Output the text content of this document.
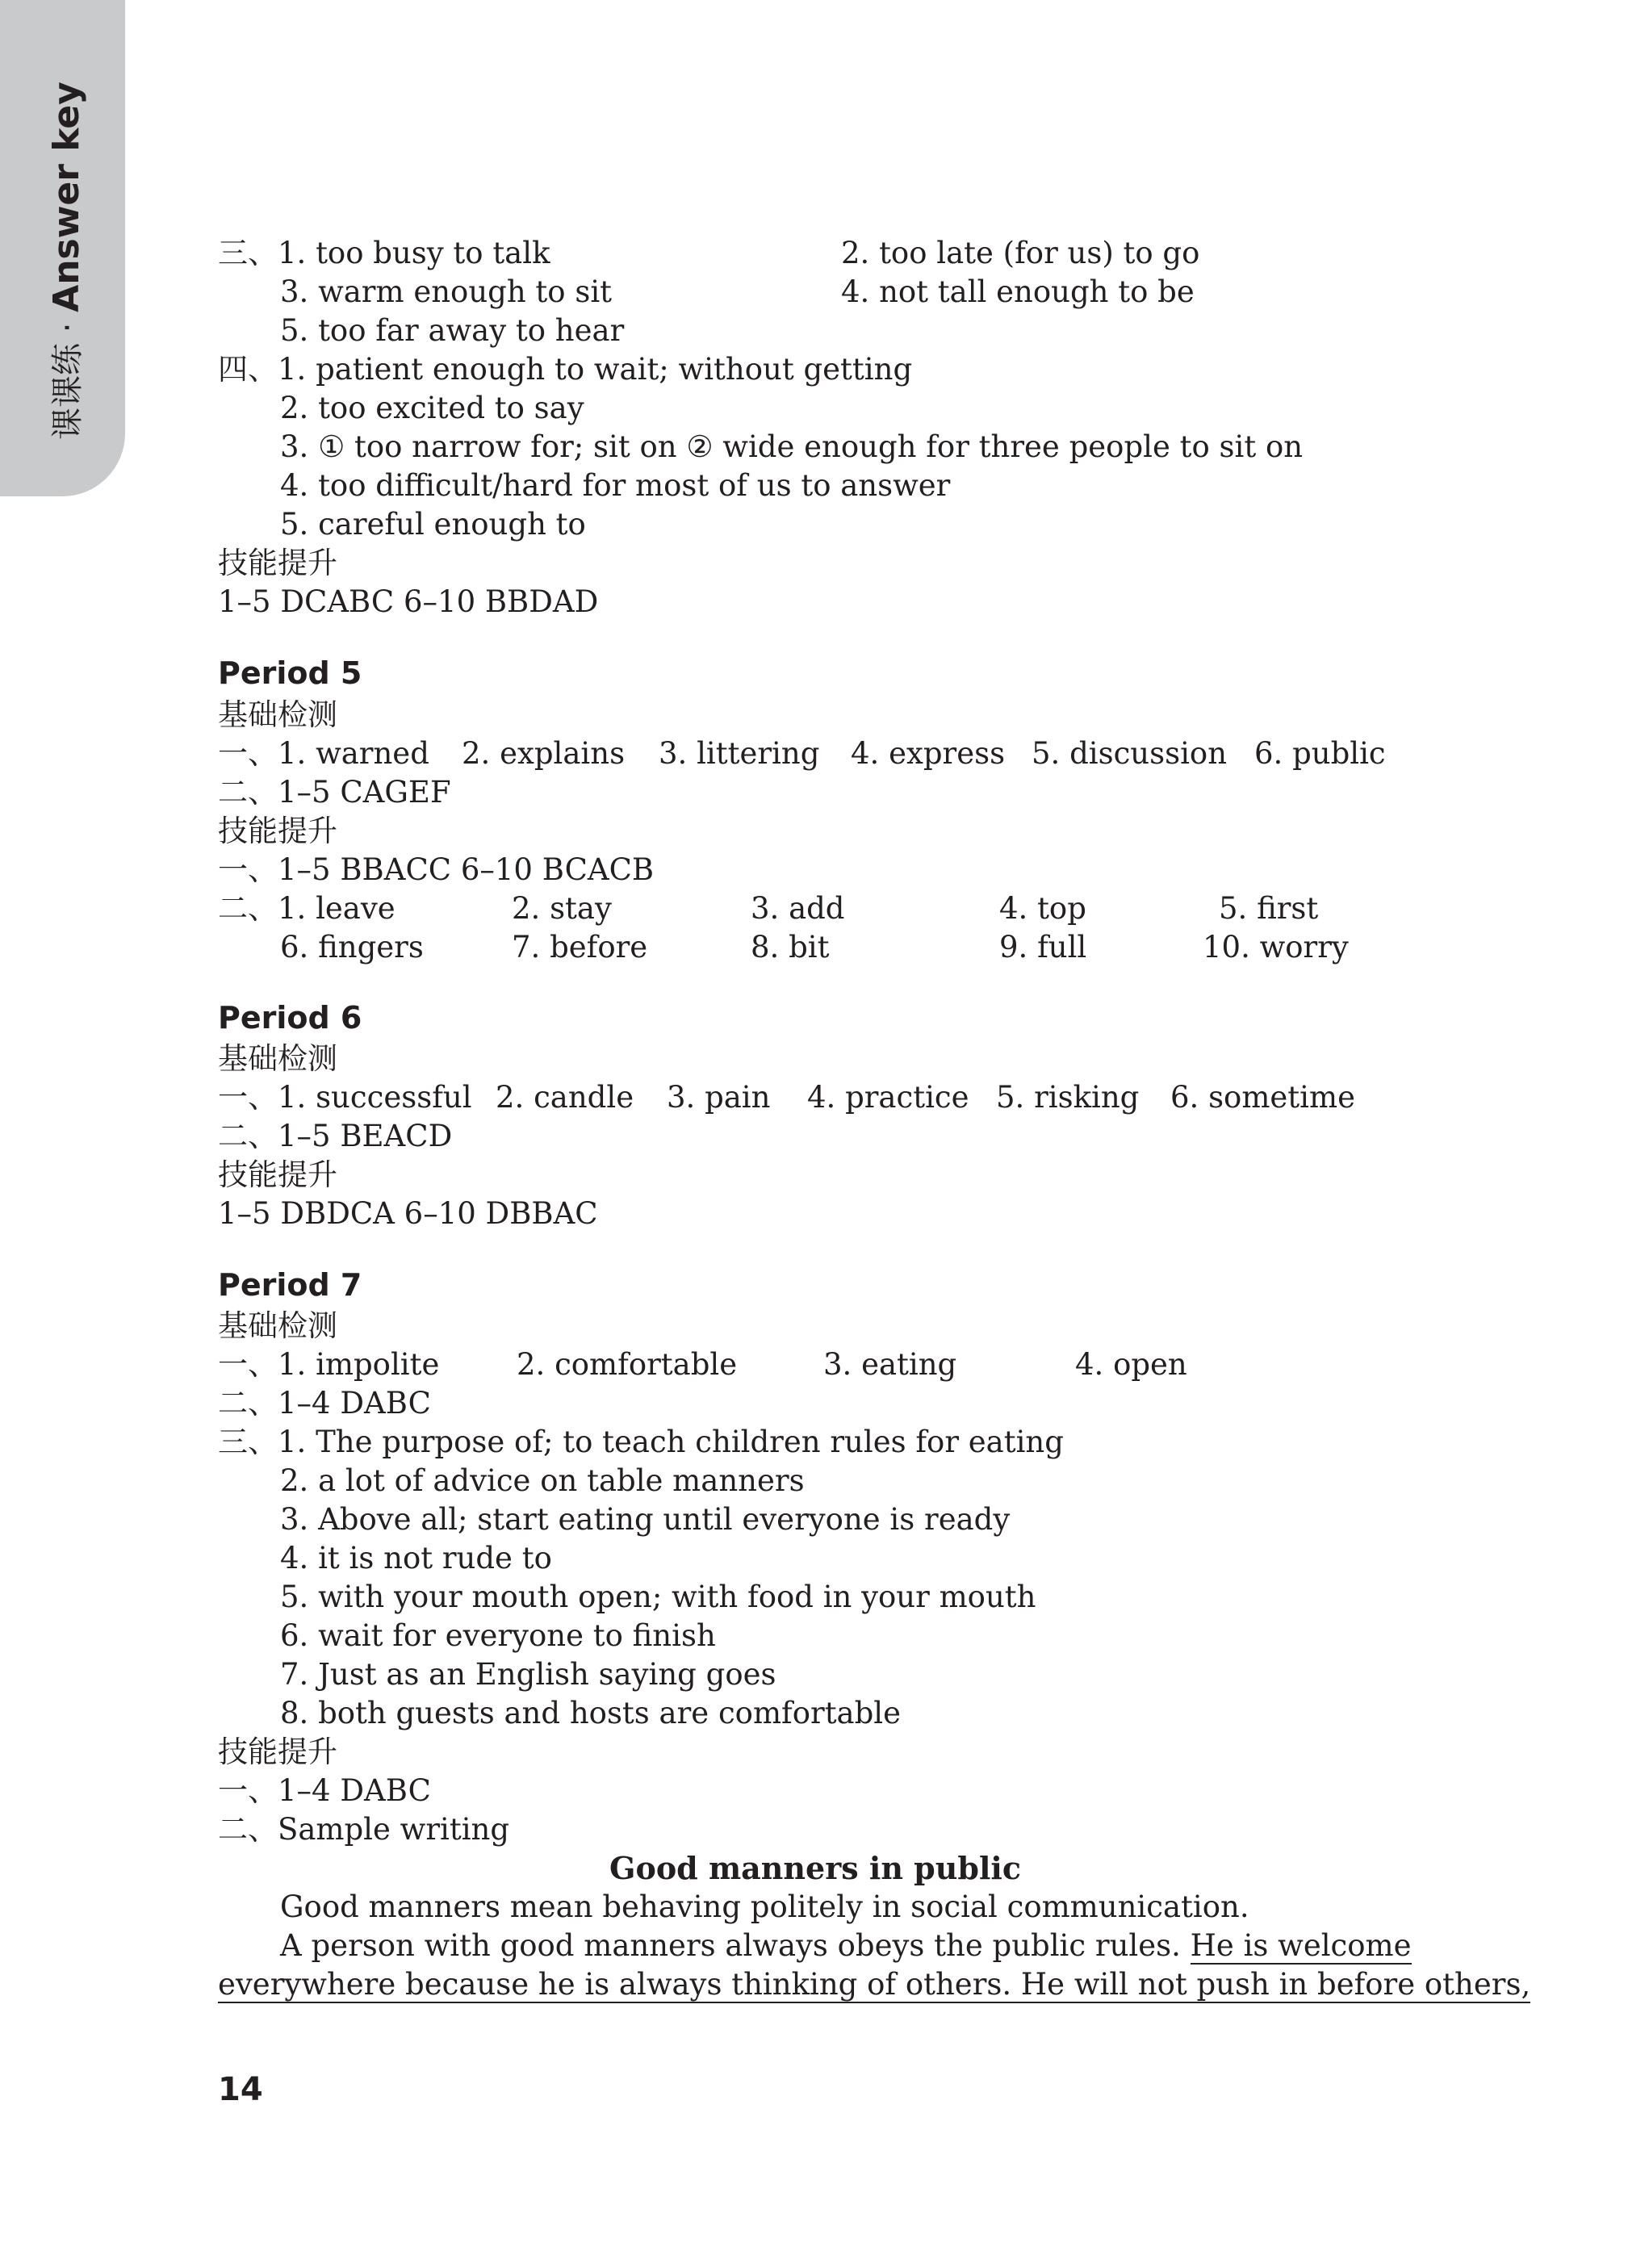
课课练 · Answer key	三、1. too busy to talk	2. too late (for us) to go
3. warm enough to sit	4. not tall enough to be
5. too far away to hear
四、1. patient enough to wait; without getting
2. too excited to say
3. ① too narrow for; sit on ② wide enough for three people to sit on
4. too difficult/hard for most of us to answer
5. careful enough to
技能提升
1–5 DCABC 6–10 BBDAD
Period 5
基础检测
一、1. warned 2. explains 3. littering 4. express 5. discussion 6. public
二、1–5 CAGEF
技能提升
一、1–5 BBACC 6–10 BCACB
二、1. leave	2. stay	3. add	4. top	5. first
6. fingers	7. before	8. bit	9. full	10. worry
Period 6
基础检测
一、1. successful 2. candle 3. pain 4. practice 5. risking 6. sometime
二、1–5 BEACD
技能提升
1–5 DBDCA 6–10 DBBAC
Period 7
基础检测
一、1. impolite	2. comfortable	3. eating	4. open
二、1–4 DABC
三、1. The purpose of; to teach children rules for eating
2. a lot of advice on table manners
3. Above all; start eating until everyone is ready
4. it is not rude to
5. with your mouth open; with food in your mouth
6. wait for everyone to finish
7. Just as an English saying goes
8. both guests and hosts are comfortable
技能提升
一、1–4 DABC
二、Sample writing
Good manners in public
Good manners mean behaving politely in social communication.
A person with good manners always obeys the public rules. He is welcome
everywhere because he is always thinking of others. He will not push in before others,
14
